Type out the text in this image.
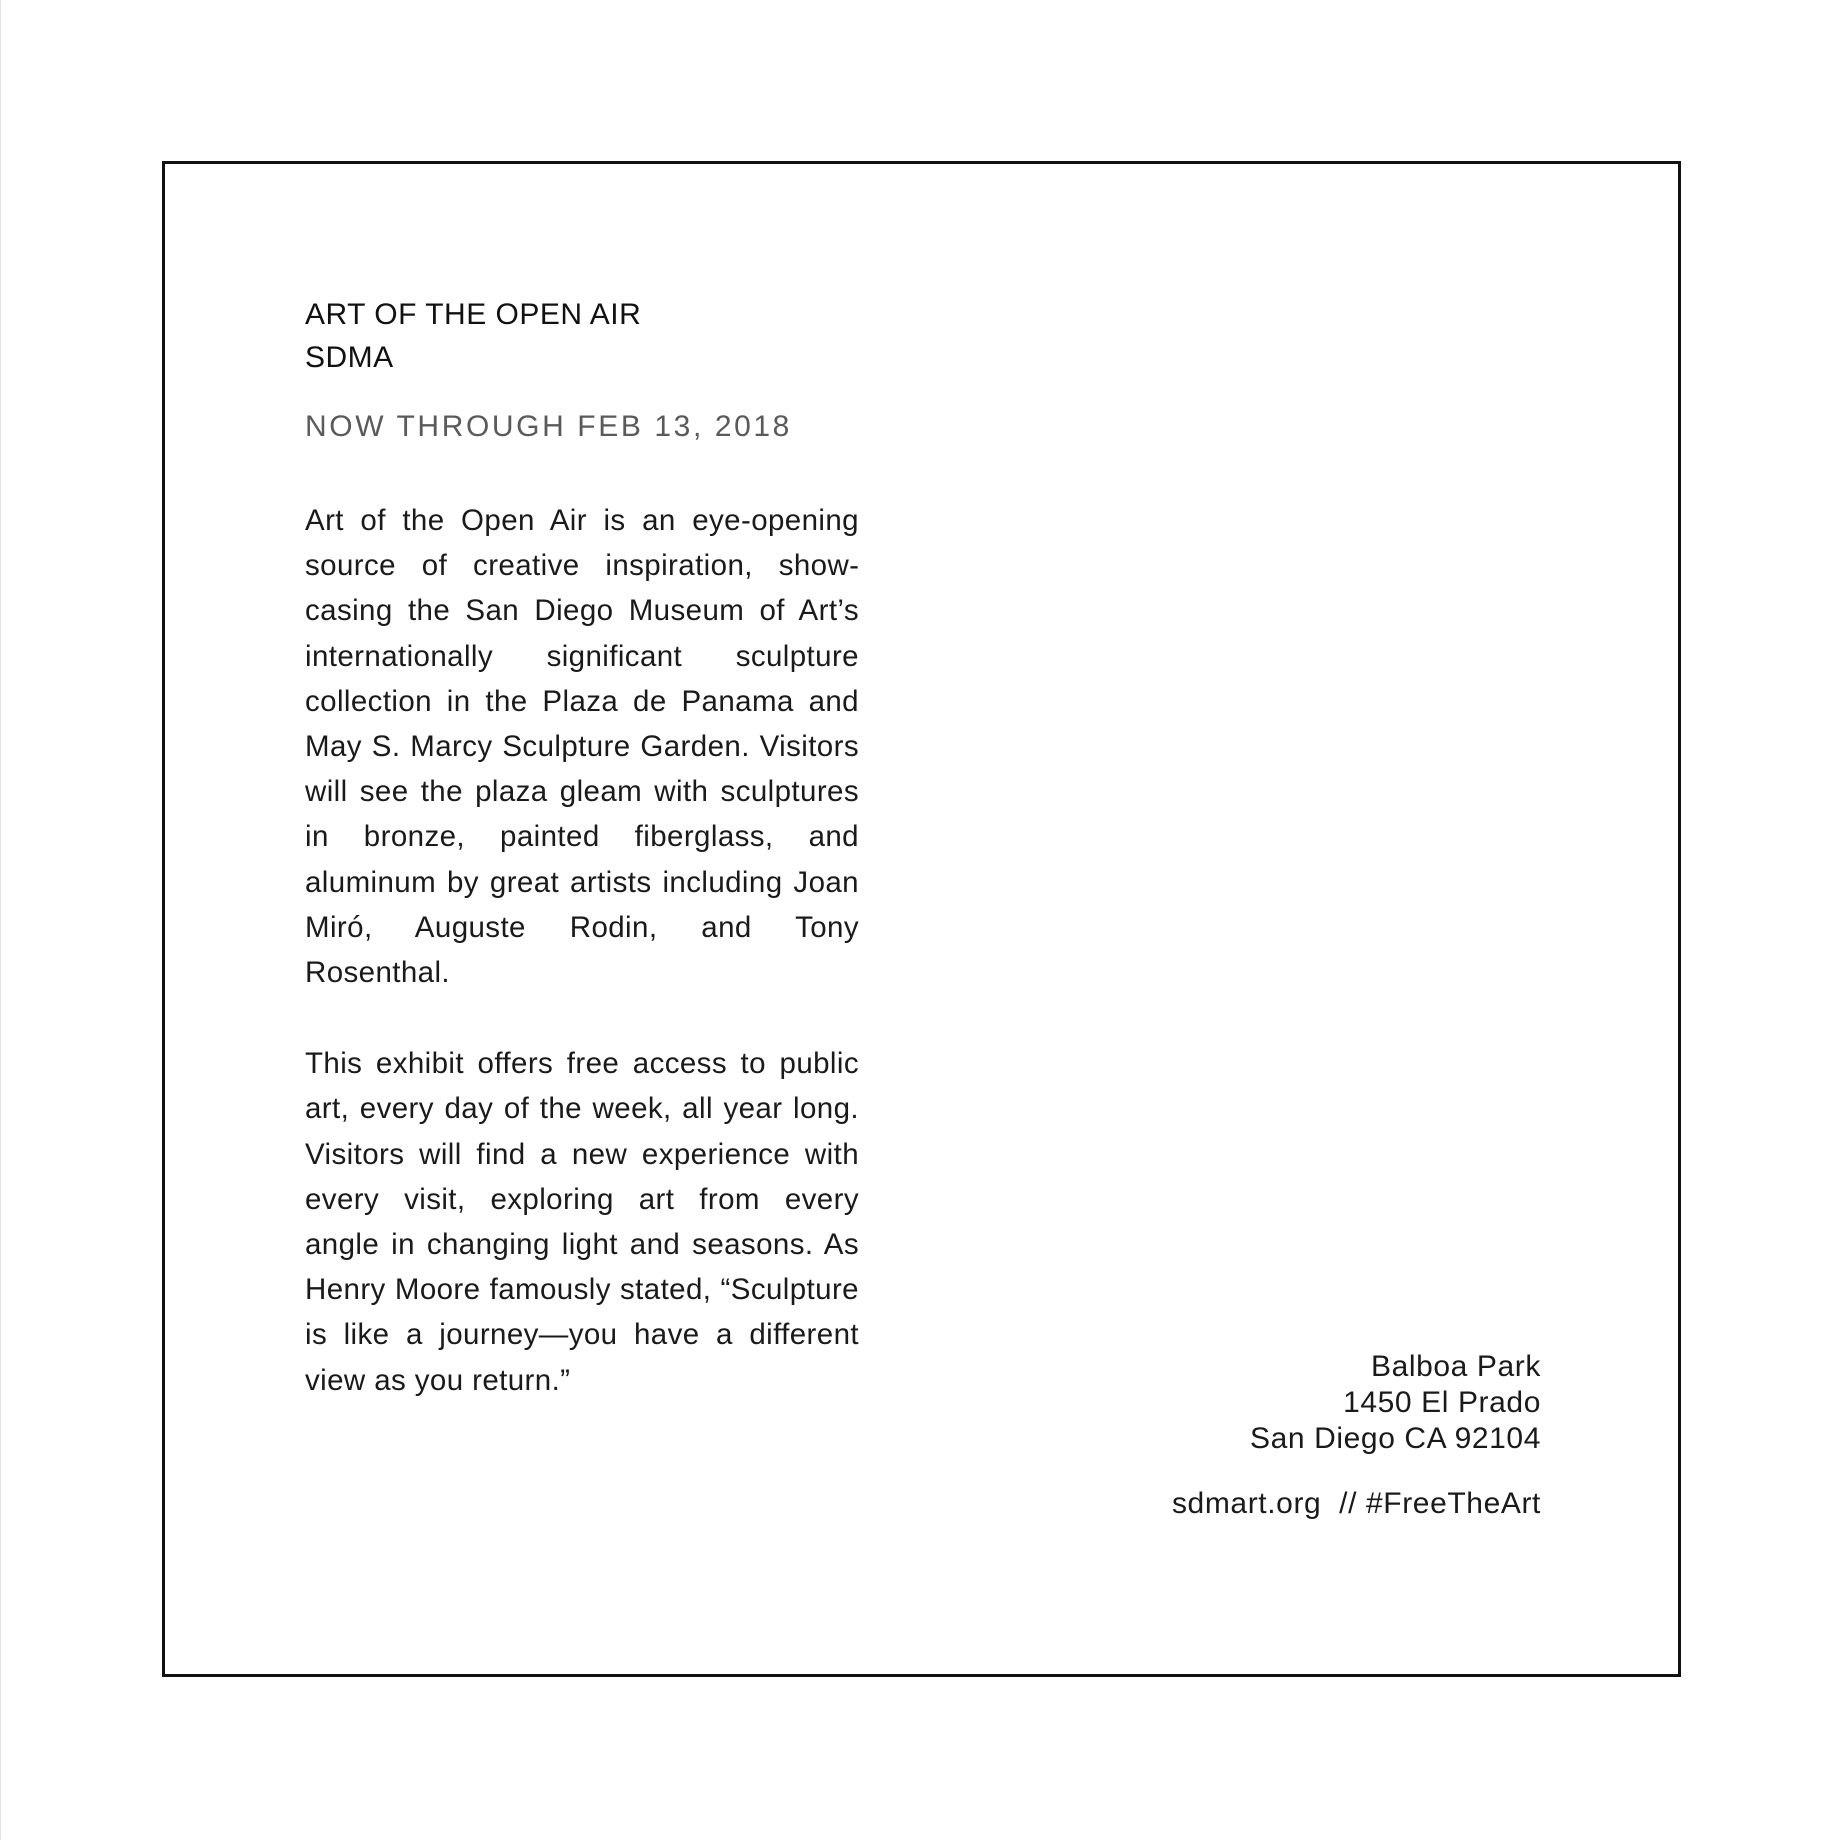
ART OF THE OPEN AIR
SDMA
NOW THROUGH FEB 13, 2018

Art of the Open Air is an eye-opening source of creative inspiration, showcasing the San Diego Museum of Art’s internationally significant sculpture collection in the Plaza de Panama and May S. Marcy Sculpture Garden. Visitors will see the plaza gleam with sculptures in bronze, painted fiberglass, and aluminum by great artists including Joan Miró, Auguste Rodin, and Tony Rosenthal.

This exhibit offers free access to public art, every day of the week, all year long. Visitors will find a new experience with every visit, exploring art from every angle in changing light and seasons. As Henry Moore famously stated, “Sculpture is like a journey—you have a different view as you return.”	Balboa Park
1450 El Prado
San Diego CA 92104
sdmart.org  // #FreeTheArt
